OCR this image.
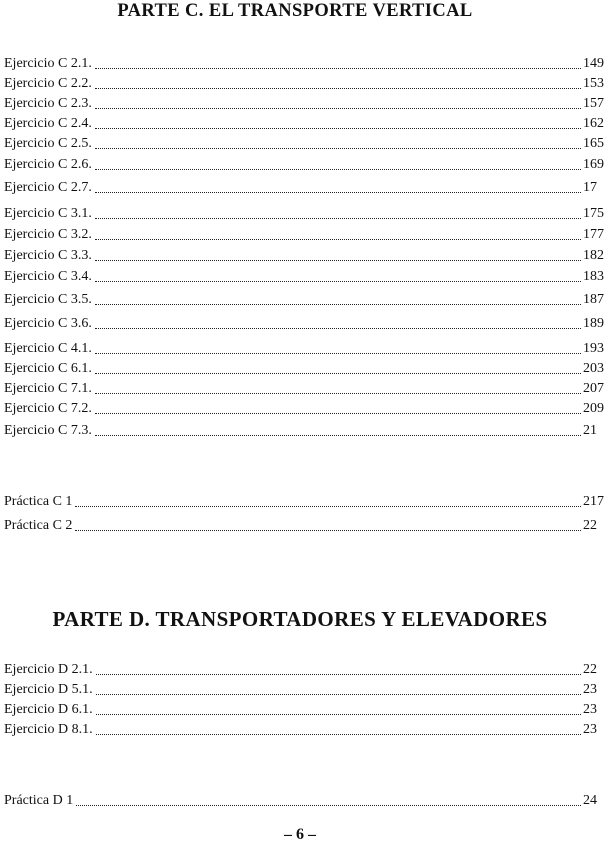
PARTE C. EL TRANSPORTE VERTICAL
Ejercicio C 2.1.	149
Ejercicio C 2.2.	153
Ejercicio C 2.3.	157
Ejercicio C 2.4.	162
Ejercicio C 2.5.	165
Ejercicio C 2.6.	169
Ejercicio C 2.7.	17
Ejercicio C 3.1.	175
Ejercicio C 3.2.	177
Ejercicio C 3.3.	182
Ejercicio C 3.4.	183
Ejercicio C 3.5.	187
Ejercicio C 3.6.	189
Ejercicio C 4.1.	193
Ejercicio C 6.1.	203
Ejercicio C 7.1.	207
Ejercicio C 7.2.	209
Ejercicio C 7.3.	21
Práctica C 1	217
Práctica C 2	22
PARTE D. TRANSPORTADORES Y ELEVADORES
Ejercicio D 2.1.	22
Ejercicio D 5.1.	23
Ejercicio D 6.1.	23
Ejercicio D 8.1.	23
Práctica D 1	24
– 6 –
